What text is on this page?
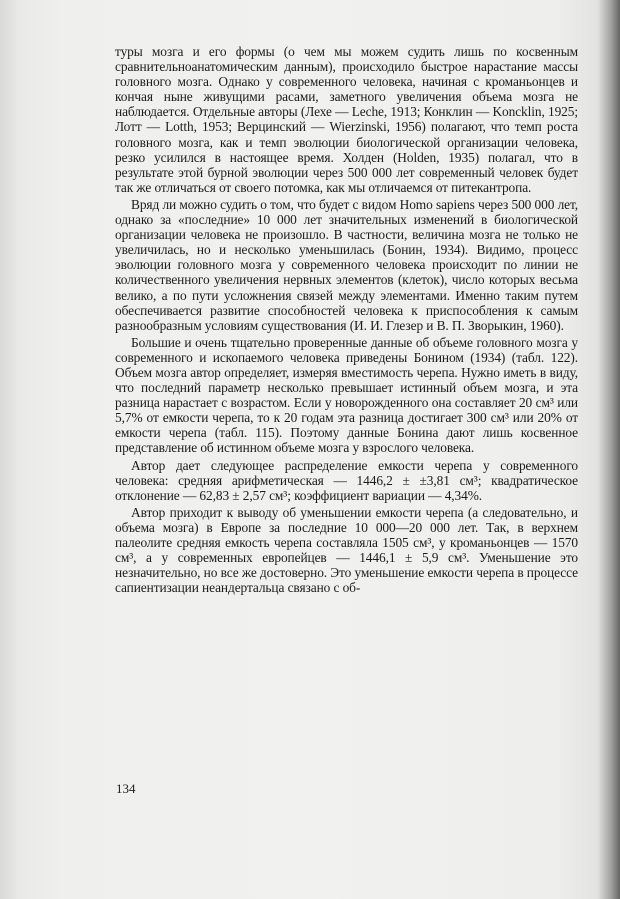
туры мозга и его формы (о чем мы можем судить лишь по косвенным сравнительноанатомическим данным), происходило быстрое нарастание массы головного мозга. Однако у современного человека, начиная с кроманьонцев и кончая ныне живущими расами, заметного увеличения объема мозга не наблюдается. Отдельные авторы (Лехе — Leche, 1913; Конклин — Koncklin, 1925; Лотт — Lotth, 1953; Верцинский — Wierzinski, 1956) полагают, что темп роста головного мозга, как и темп эволюции биологической организации человека, резко усилился в настоящее время. Холден (Holden, 1935) полагал, что в результате этой бурной эволюции через 500 000 лет современный человек будет так же отличаться от своего потомка, как мы отличаемся от питекантропа.

Вряд ли можно судить о том, что будет с видом Homo sapiens через 500 000 лет, однако за «последние» 10 000 лет значительных изменений в биологической организации человека не произошло. В частности, величина мозга не только не увеличилась, но и несколько уменьшилась (Бонин, 1934). Видимо, процесс эволюции головного мозга у современного человека происходит по линии не количественного увеличения нервных элементов (клеток), число которых весьма велико, а по пути усложнения связей между элементами. Именно таким путем обеспечивается развитие способностей человека к приспособления к самым разнообразным условиям существования (И. И. Глезер и В. П. Зворыкин, 1960).

Большие и очень тщательно проверенные данные об объеме головного мозга у современного и ископаемого человека приведены Бонином (1934) (табл. 122). Объем мозга автор определяет, измеряя вместимость черепа. Нужно иметь в виду, что последний параметр несколько превышает истинный объем мозга, и эта разница нарастает с возрастом. Если у новорожденного она составляет 20 см³ или 5,7% от емкости черепа, то к 20 годам эта разница достигает 300 см³ или 20% от емкости черепа (табл. 115). Поэтому данные Бонина дают лишь косвенное представление об истинном объеме мозга у взрослого человека.

Автор дает следующее распределение емкости черепа у современного человека: средняя арифметическая — 1446,2 ± ±3,81 см³; квадратическое отклонение — 62,83 ± 2,57 см³; коэффициент вариации — 4,34%.

Автор приходит к выводу об уменьшении емкости черепа (а следовательно, и объема мозга) в Европе за последние 10 000—20 000 лет. Так, в верхнем палеолите средняя емкость черепа составляла 1505 см³, у кроманьонцев — 1570 см³, а у современных европейцев — 1446,1 ± 5,9 см³. Уменьшение это незначительно, но все же достоверно. Это уменьшение емкости черепа в процессе сапиентизации неандертальца связано с об-

134
